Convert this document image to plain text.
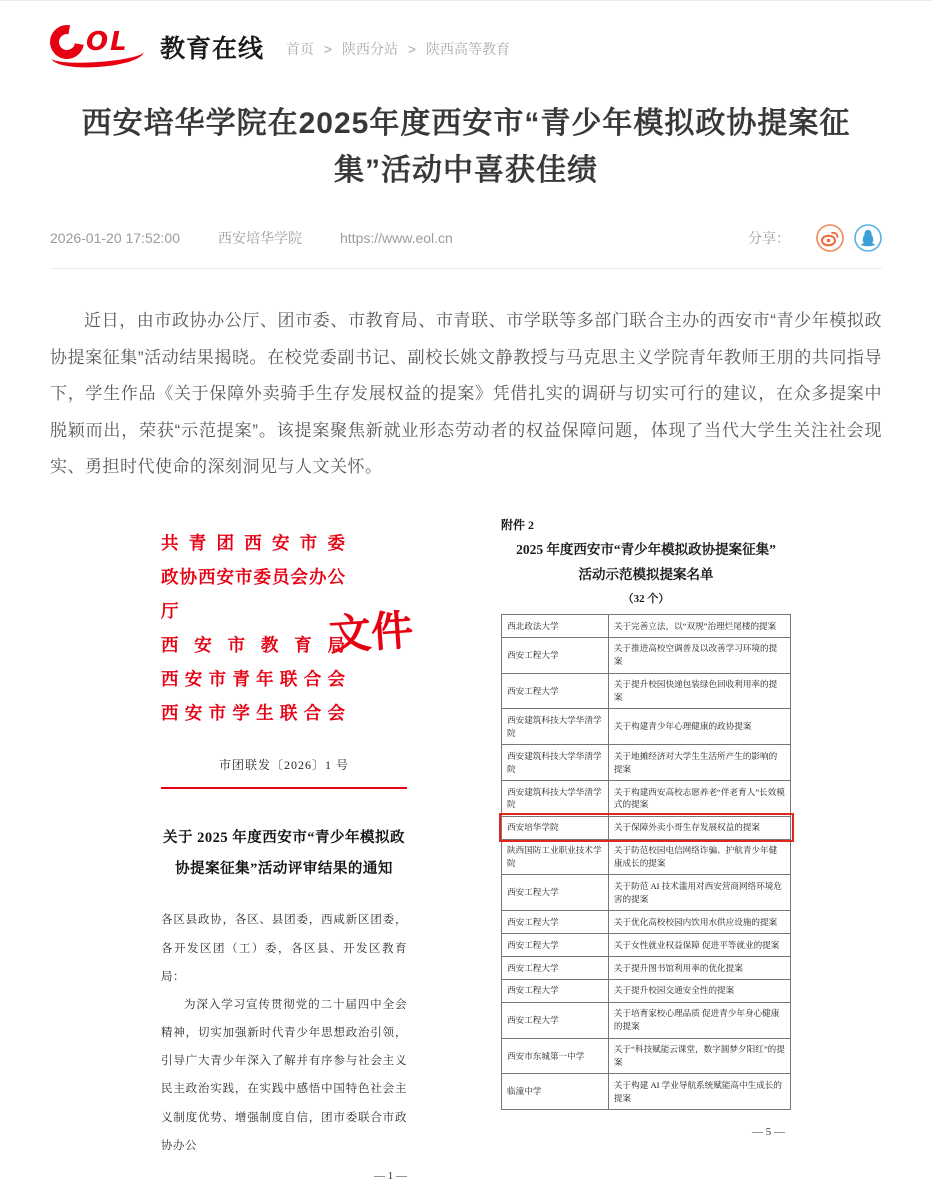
OL 教育在线 首页 > 陕西分站 > 陕西高等教育
西安培华学院在2025年度西安市“青少年模拟政协提案征集”活动中喜获佳绩
2026-01-20 17:52:00	西安培华学院	https://www.eol.cn	分享：

近日，由市政协办公厅、团市委、市教育局、市青联、市学联等多部门联合主办的西安市“青少年模拟政协提案征集”活动结果揭晓。在校党委副书记、副校长姚文静教授与马克思主义学院青年教师王朋的共同指导下，学生作品《关于保障外卖骑手生存发展权益的提案》凭借扎实的调研与切实可行的建议，在众多提案中脱颖而出，荣获“示范提案”。该提案聚焦新就业形态劳动者的权益保障问题，体现了当代大学生关注社会现实、勇担时代使命的深刻洞见与人文关怀。

共青团西安市委
政协西安市委员会办公厅
西安市教育局
西安市青年联合会
西安市学生联合会
文件
市团联发〔2026〕1 号
关于 2025 年度西安市“青少年模拟政协提案征集”活动评审结果的通知
各区县政协，各区、县团委，西咸新区团委，各开发区团（工）委，各区县、开发区教育局：
为深入学习宣传贯彻党的二十届四中全会精神，切实加强新时代青少年思想政治引领，引导广大青少年深入了解并有序参与社会主义民主政治实践，在实践中感悟中国特色社会主义制度优势、增强制度自信，团市委联合市政协办公
— 1 —
附件 2
2025 年度西安市“青少年模拟政协提案征集”
活动示范模拟提案名单
（32 个）
西北政法大学	关于完善立法，以“双规”治理烂尾楼的提案
西安工程大学	关于推进高校空调普及以改善学习环境的提案
西安工程大学	关于提升校园快递包装绿色回收利用率的提案
西安建筑科技大学华清学院	关于构建青少年心理健康的政协提案
西安建筑科技大学华清学院	关于地摊经济对大学生生活所产生的影响的提案
西安建筑科技大学华清学院	关于构建西安高校志愿养老“伴老育人”长效模式的提案
西安培华学院	关于保障外卖小哥生存发展权益的提案
陕西国防工业职业技术学院	关于防范校园电信网络诈骗、护航青少年健康成长的提案
西安工程大学	关于防范 AI 技术滥用对西安营商网络环境危害的提案
西安工程大学	关于优化高校校园内饮用水供应设施的提案
西安工程大学	关于女性就业权益保障 促进平等就业的提案
西安工程大学	关于提升图书馆利用率的优化提案
西安工程大学	关于提升校园交通安全性的提案
西安工程大学	关于培育家校心理品质 促进青少年身心健康的提案
西安市东城第一中学	关于“科技赋能云课堂，数字圆梦夕阳红”的提案
临潼中学	关于构建 AI 学业导航系统赋能高中生成长的提案
— 5 —
